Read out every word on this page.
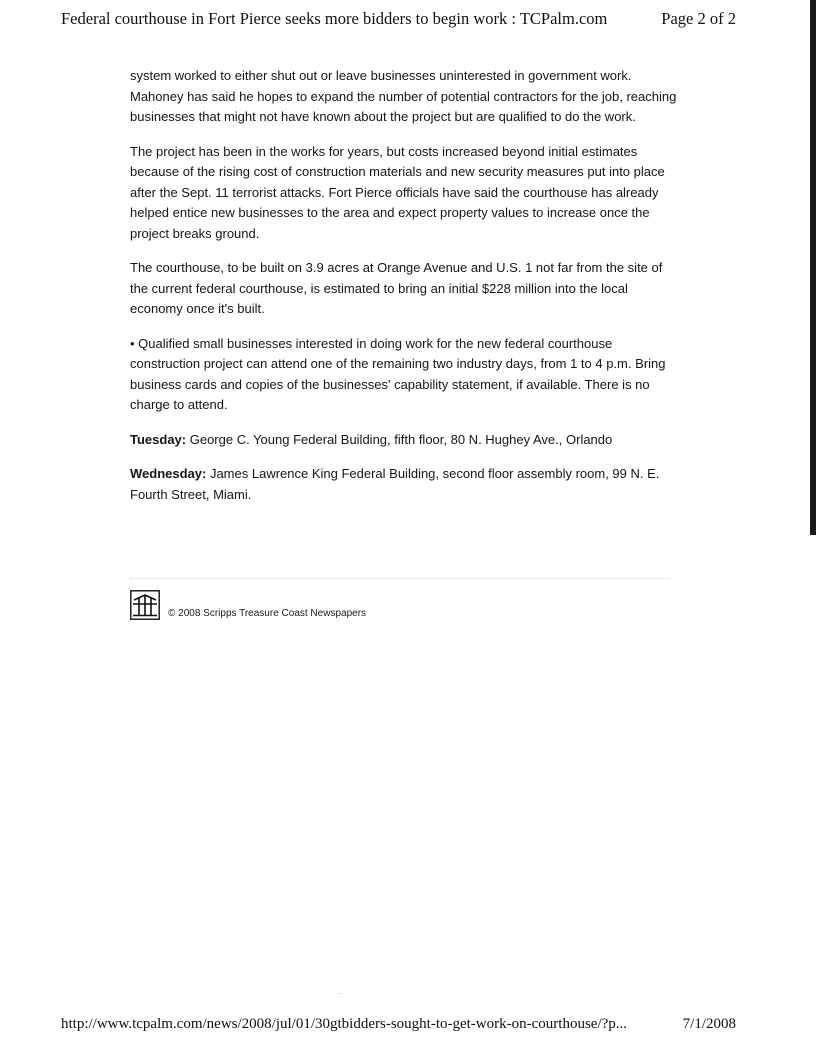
Federal courthouse in Fort Pierce seeks more bidders to begin work : TCPalm.com	Page 2 of 2

system worked to either shut out or leave businesses uninterested in government work. Mahoney has said he hopes to expand the number of potential contractors for the job, reaching businesses that might not have known about the project but are qualified to do the work.

The project has been in the works for years, but costs increased beyond initial estimates because of the rising cost of construction materials and new security measures put into place after the Sept. 11 terrorist attacks. Fort Pierce officials have said the courthouse has already helped entice new businesses to the area and expect property values to increase once the project breaks ground.

The courthouse, to be built on 3.9 acres at Orange Avenue and U.S. 1 not far from the site of the current federal courthouse, is estimated to bring an initial $228 million into the local economy once it's built.

• Qualified small businesses interested in doing work for the new federal courthouse construction project can attend one of the remaining two industry days, from 1 to 4 p.m. Bring business cards and copies of the businesses' capability statement, if available. There is no charge to attend.

Tuesday: George C. Young Federal Building, fifth floor, 80 N. Hughey Ave., Orlando

Wednesday: James Lawrence King Federal Building, second floor assembly room, 99 N. E. Fourth Street, Miami.

© 2008 Scripps Treasure Coast Newspapers
http://www.tcpalm.com/news/2008/jul/01/30gtbidders-sought-to-get-work-on-courthouse/?p...	7/1/2008
